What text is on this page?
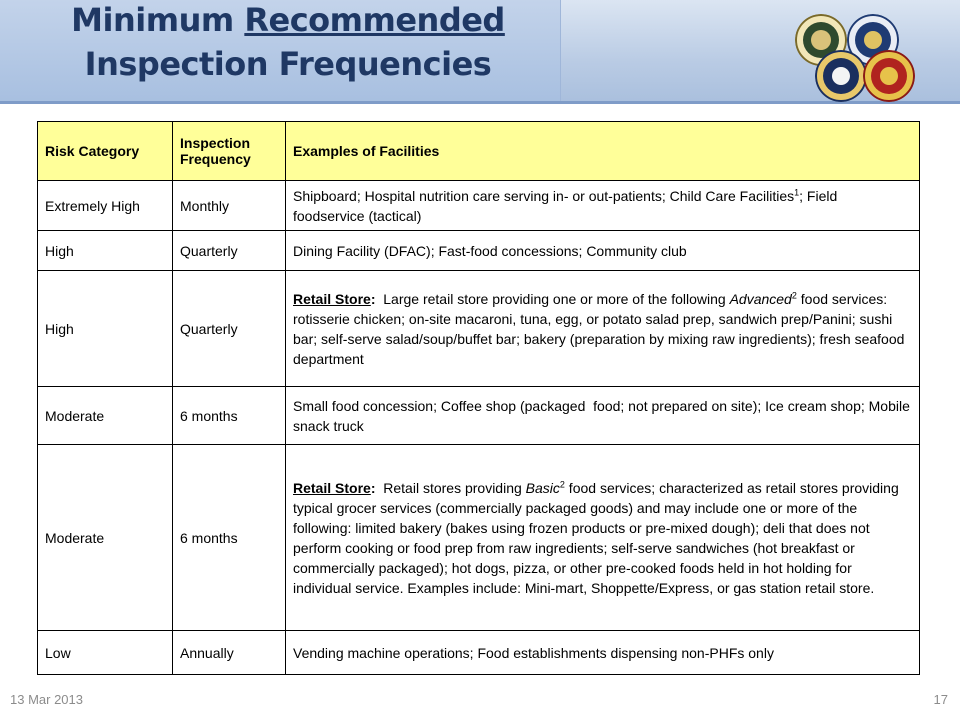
Minimum Recommended
Inspection Frequencies
Risk Category	Inspection Frequency	Examples of Facilities
Extremely High	Monthly	Shipboard; Hospital nutrition care serving in- or out-patients; Child Care Facilities$^1$; Field foodservice (tactical)
High	Quarterly	Dining Facility (DFAC); Fast-food concessions; Community club
High	Quarterly	Retail Store:  Large retail store providing one or more of the following Advanced$^2$ food services: rotisserie chicken; on-site macaroni, tuna, egg, or potato salad prep, sandwich prep/Panini; sushi bar; self-serve salad/soup/buffet bar; bakery (preparation by mixing raw ingredients); fresh seafood department
Moderate	6 months	Small food concession; Coffee shop (packaged  food; not prepared on site); Ice cream shop; Mobile snack truck
Moderate	6 months	Retail Store:  Retail stores providing Basic$^2$ food services; characterized as retail stores providing typical grocer services (commercially packaged goods) and may include one or more of the following: limited bakery (bakes using frozen products or pre-mixed dough); deli that does not perform cooking or food prep from raw ingredients; self-serve sandwiches (hot breakfast or commercially packaged); hot dogs, pizza, or other pre-cooked foods held in hot holding for individual service. Examples include: Mini-mart, Shoppette/Express, or gas station retail store.
Low	Annually	Vending machine operations; Food establishments dispensing non-PHFs only
13 Mar 2013	17
